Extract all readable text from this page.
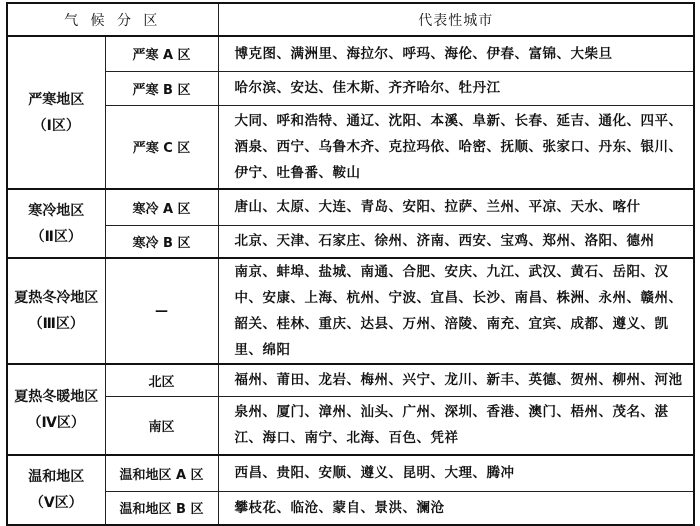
气 候 分 区		代表性城市

严寒地区
（Ⅰ区）	严寒 A 区	博克图、满洲里、海拉尔、呼玛、海伦、伊春、富锦、大柴旦
	严寒 B 区	哈尔滨、安达、佳木斯、齐齐哈尔、牡丹江
	严寒 C 区	大同、呼和浩特、通辽、沈阳、本溪、阜新、长春、延吉、通化、四平、酒泉、西宁、乌鲁木齐、克拉玛依、哈密、抚顺、张家口、丹东、银川、伊宁、吐鲁番、鞍山

寒冷地区
（Ⅱ区）	寒冷 A 区	唐山、太原、大连、青岛、安阳、拉萨、兰州、平凉、天水、喀什
	寒冷 B 区	北京、天津、石家庄、徐州、济南、西安、宝鸡、郑州、洛阳、德州

夏热冬冷地区
（Ⅲ区）	—	南京、蚌埠、盐城、南通、合肥、安庆、九江、武汉、黄石、岳阳、汉中、安康、上海、杭州、宁波、宜昌、长沙、南昌、株洲、永州、赣州、韶关、桂林、重庆、达县、万州、涪陵、南充、宜宾、成都、遵义、凯里、绵阳

夏热冬暖地区
（Ⅳ区）	北区	福州、莆田、龙岩、梅州、兴宁、龙川、新丰、英德、贺州、柳州、河池
	南区	泉州、厦门、漳州、汕头、广州、深圳、香港、澳门、梧州、茂名、湛江、海口、南宁、北海、百色、凭祥

温和地区
（Ⅴ区）	温和地区 A 区	西昌、贵阳、安顺、遵义、昆明、大理、腾冲
	温和地区 B 区	攀枝花、临沧、蒙自、景洪、澜沧
